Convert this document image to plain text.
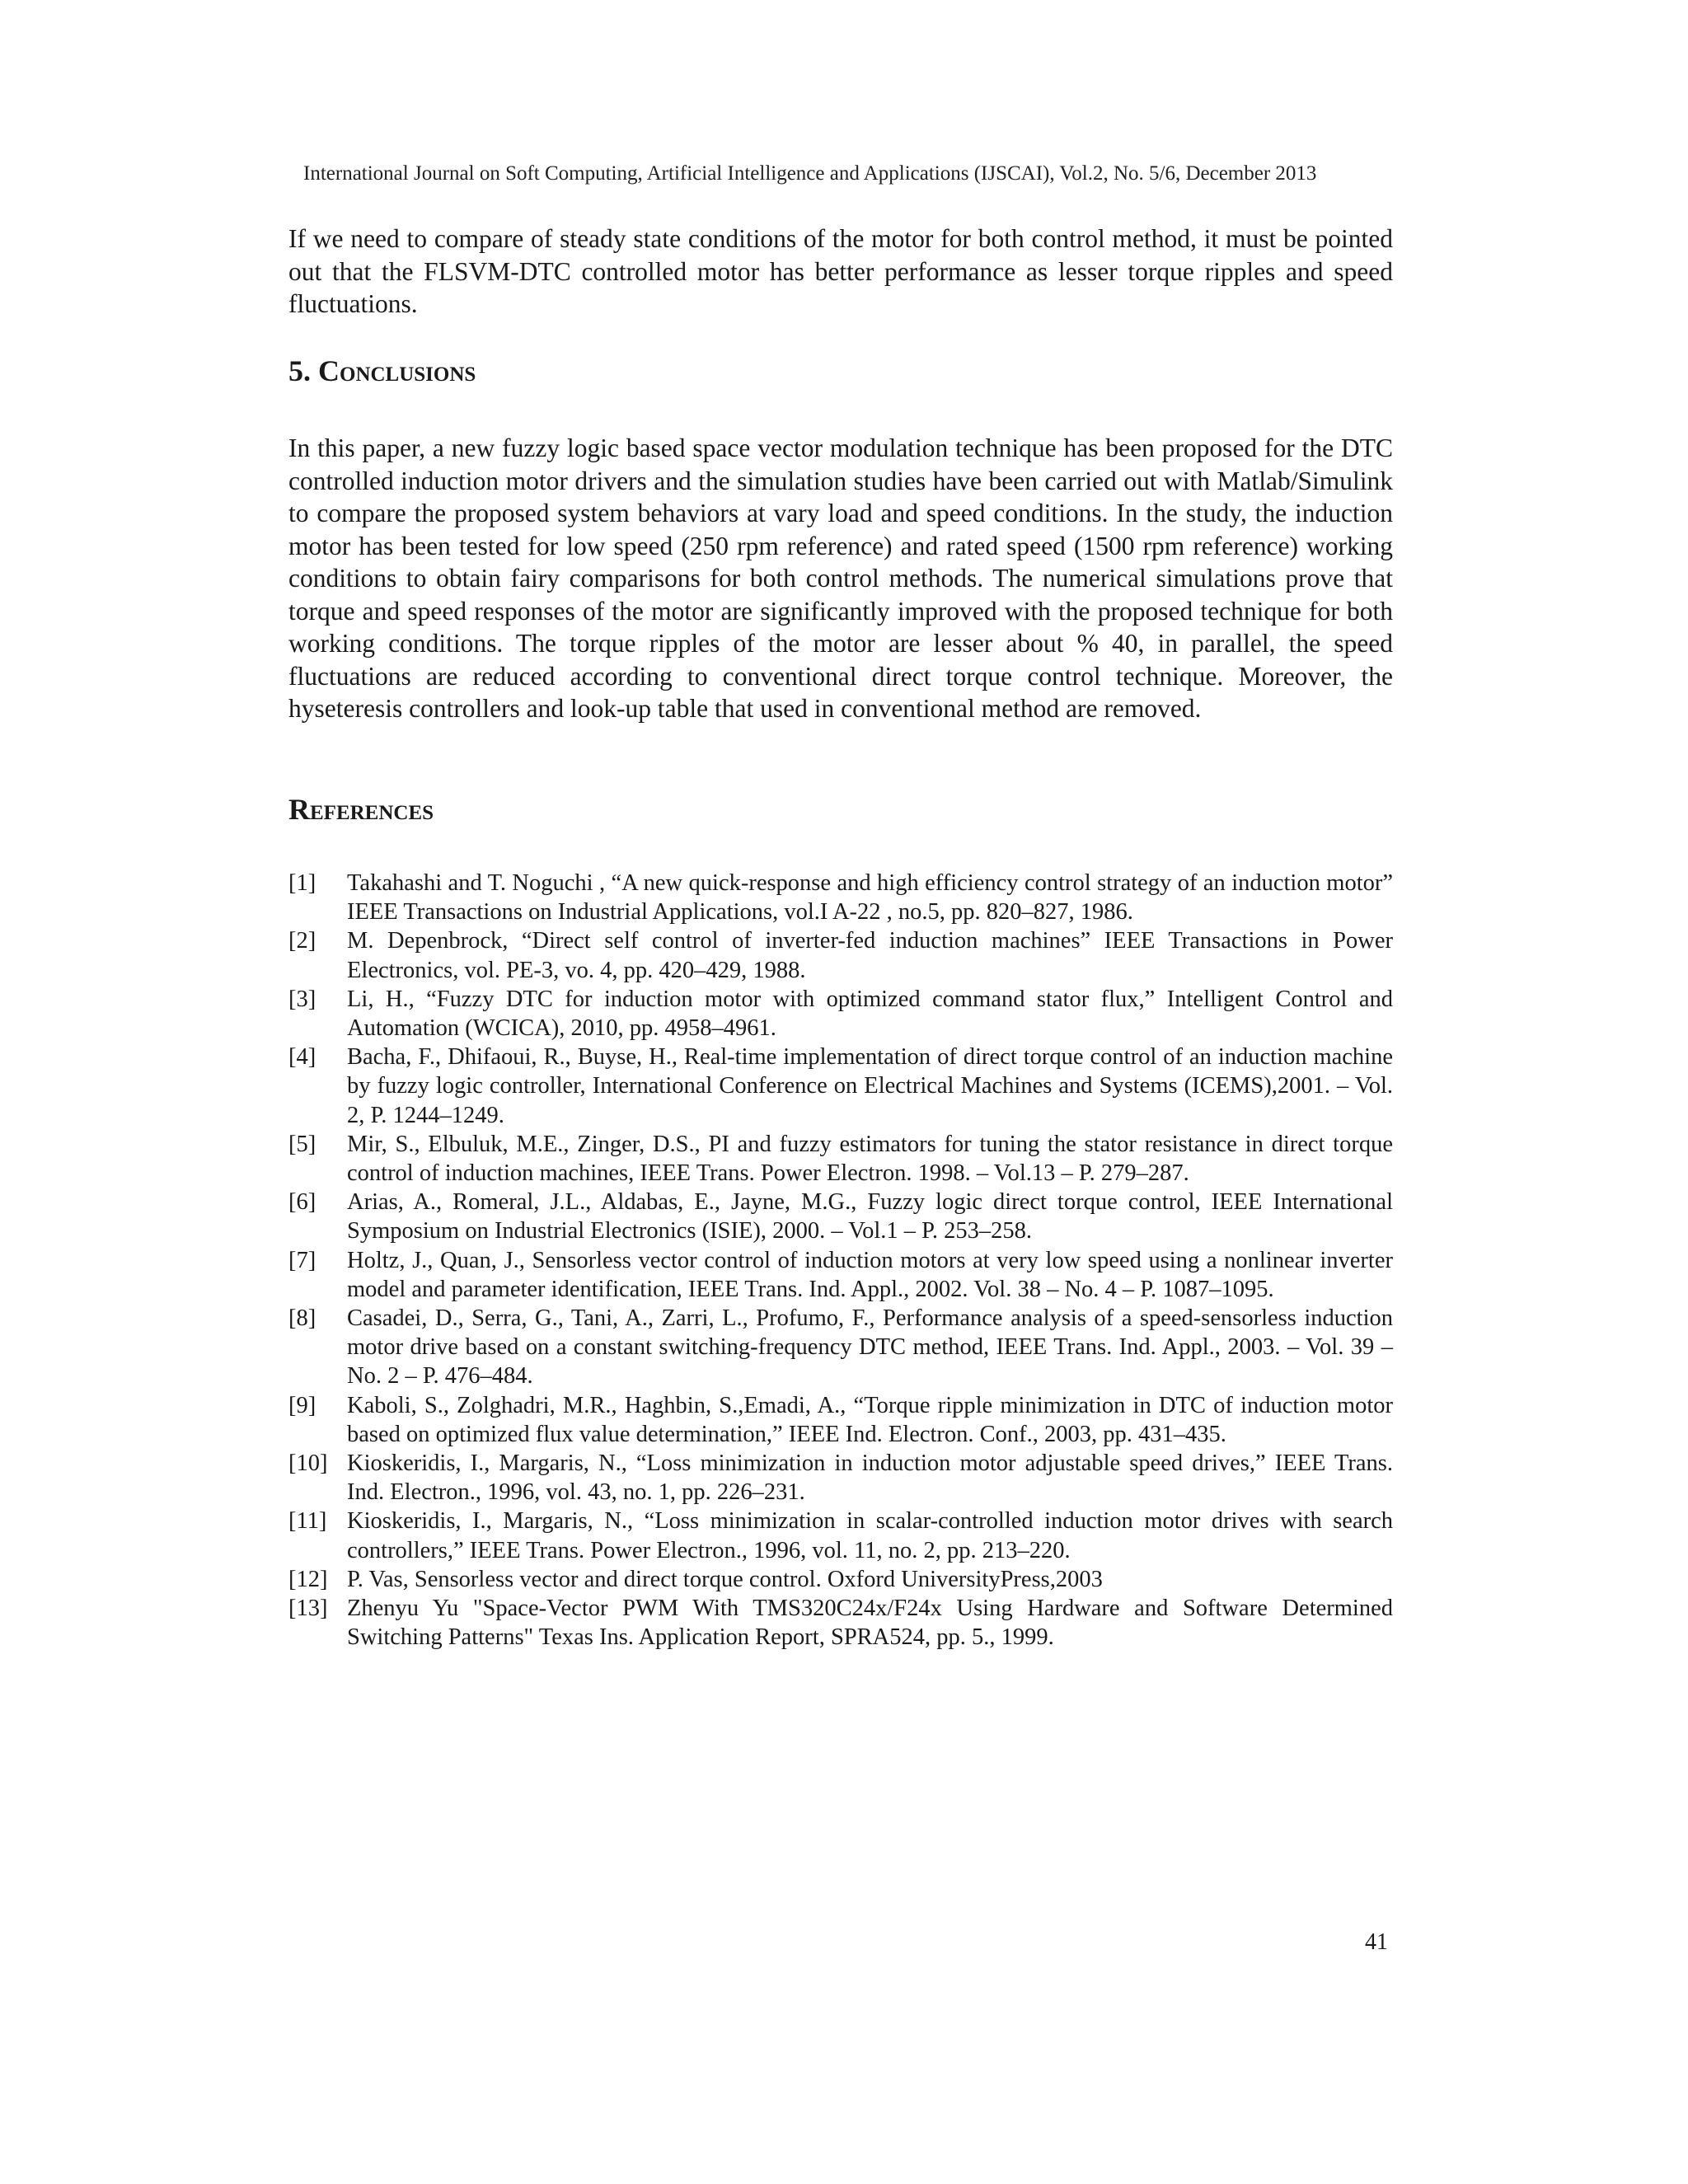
International Journal on Soft Computing, Artificial Intelligence and Applications (IJSCAI), Vol.2, No. 5/6, December 2013

If we need to compare of steady state conditions of the motor for both control method, it must be pointed out that the FLSVM-DTC controlled motor has better performance as lesser torque ripples and speed fluctuations.

5. Conclusions

In this paper, a new fuzzy logic based space vector modulation technique has been proposed for the DTC controlled induction motor drivers and the simulation studies have been carried out with Matlab/Simulink to compare the proposed system behaviors at vary load and speed conditions. In the study, the induction motor has been tested for low speed (250 rpm reference) and rated speed (1500 rpm reference) working conditions to obtain fairy comparisons for both control methods. The numerical simulations prove that torque and speed responses of the motor are significantly improved with the proposed technique for both working conditions. The torque ripples of the motor are lesser about % 40, in parallel, the speed fluctuations are reduced according to conventional direct torque control technique. Moreover, the hyseteresis controllers and look-up table that used in conventional method are removed.

References
[1]	Takahashi and T. Noguchi , “A new quick-response and high efficiency control strategy of an induction motor” IEEE Transactions on Industrial Applications, vol.I A-22 , no.5, pp. 820–827, 1986.
[2]	M. Depenbrock, “Direct self control of inverter-fed induction machines” IEEE Transactions in Power Electronics, vol. PE-3, vo. 4, pp. 420–429, 1988.
[3]	Li, H., “Fuzzy DTC for induction motor with optimized command stator flux,” Intelligent Control and Automation (WCICA), 2010, pp. 4958–4961.
[4]	Bacha, F., Dhifaoui, R., Buyse, H., Real-time implementation of direct torque control of an induction machine by fuzzy logic controller, International Conference on Electrical Machines and Systems (ICEMS),2001. – Vol. 2, P. 1244–1249.
[5]	Mir, S., Elbuluk, M.E., Zinger, D.S., PI and fuzzy estimators for tuning the stator resistance in direct torque control of induction machines, IEEE Trans. Power Electron. 1998. – Vol.13 – P. 279–287.
[6]	Arias, A., Romeral, J.L., Aldabas, E., Jayne, M.G., Fuzzy logic direct torque control, IEEE International Symposium on Industrial Electronics (ISIE), 2000. – Vol.1 – P. 253–258.
[7]	Holtz, J., Quan, J., Sensorless vector control of induction motors at very low speed using a nonlinear inverter model and parameter identification, IEEE Trans. Ind. Appl., 2002. Vol. 38 – No. 4 – P. 1087–1095.
[8]	Casadei, D., Serra, G., Tani, A., Zarri, L., Profumo, F., Performance analysis of a speed-sensorless induction motor drive based on a constant switching-frequency DTC method, IEEE Trans. Ind. Appl., 2003. – Vol. 39 – No. 2 – P. 476–484.
[9]	Kaboli, S., Zolghadri, M.R., Haghbin, S.,Emadi, A., “Torque ripple minimization in DTC of induction motor based on optimized flux value determination,” IEEE Ind. Electron. Conf., 2003, pp. 431–435.
[10] Kioskeridis, I., Margaris, N., “Loss minimization in induction motor adjustable speed drives,” IEEE Trans. Ind. Electron., 1996, vol. 43, no. 1, pp. 226–231.
[11] Kioskeridis, I., Margaris, N., “Loss minimization in scalar-controlled induction motor drives with search controllers,” IEEE Trans. Power Electron., 1996, vol. 11, no. 2, pp. 213–220.
[12] P. Vas, Sensorless vector and direct torque control. Oxford UniversityPress,2003
[13] Zhenyu Yu "Space-Vector PWM With TMS320C24x/F24x Using Hardware and Software Determined Switching Patterns" Texas Ins. Application Report, SPRA524, pp. 5., 1999.
41
